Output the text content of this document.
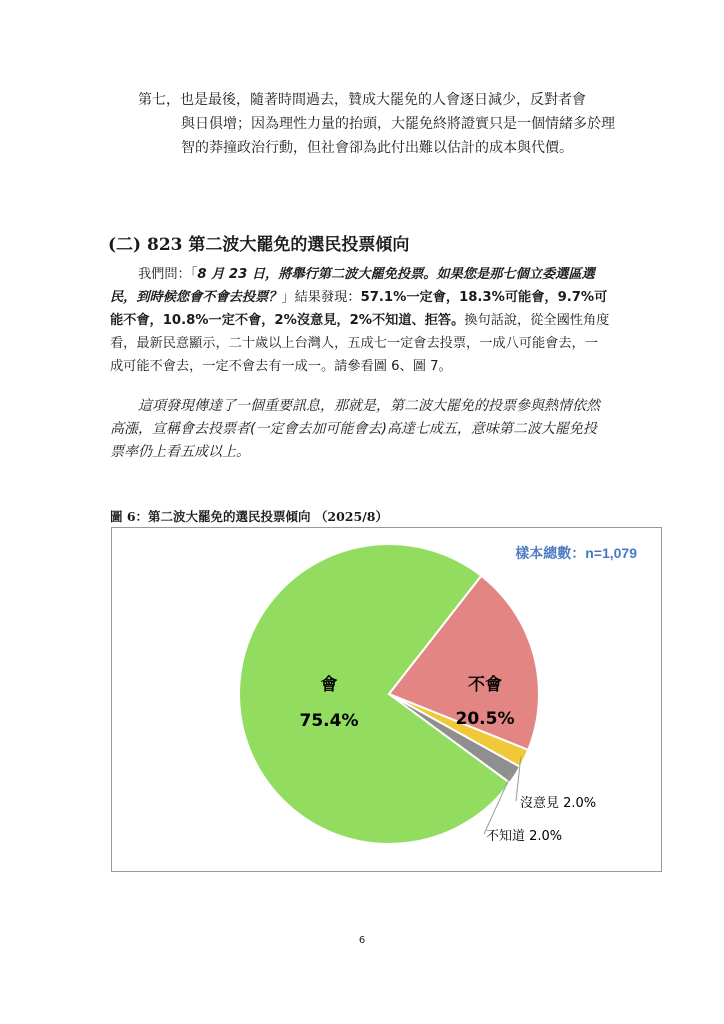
第七，也是最後，隨著時間過去，贊成大罷免的人會逐日減少，反對者會
與日俱增；因為理性力量的抬頭，大罷免終將證實只是一個情緒多於理智的莽撞政治行動，但社會卻為此付出難以估計的成本與代價。
(二) 823 第二波大罷免的選民投票傾向
我們問：「8 月 23 日，將舉行第二波大罷免投票。如果您是那七個立委選區選民，到時候您會不會去投票？」結果發現：57.1%一定會，18.3%可能會，9.7%可能不會，10.8%一定不會，2%沒意見，2%不知道、拒答。換句話說，從全國性角度看，最新民意顯示，二十歲以上台灣人，五成七一定會去投票，一成八可能會去，一成可能不會去，一定不會去有一成一。請參看圖 6、圖 7。
這項發現傳達了一個重要訊息，那就是，第二波大罷免的投票參與熱情依然高漲，宣稱會去投票者(一定會去加可能會去)高達七成五，意味第二波大罷免投票率仍上看五成以上。
圖 6：第二波大罷免的選民投票傾向 （2025/8）
樣本總數：n=1,079
會
75.4%
不會
20.5%
沒意見 2.0%
不知道 2.0%
6
